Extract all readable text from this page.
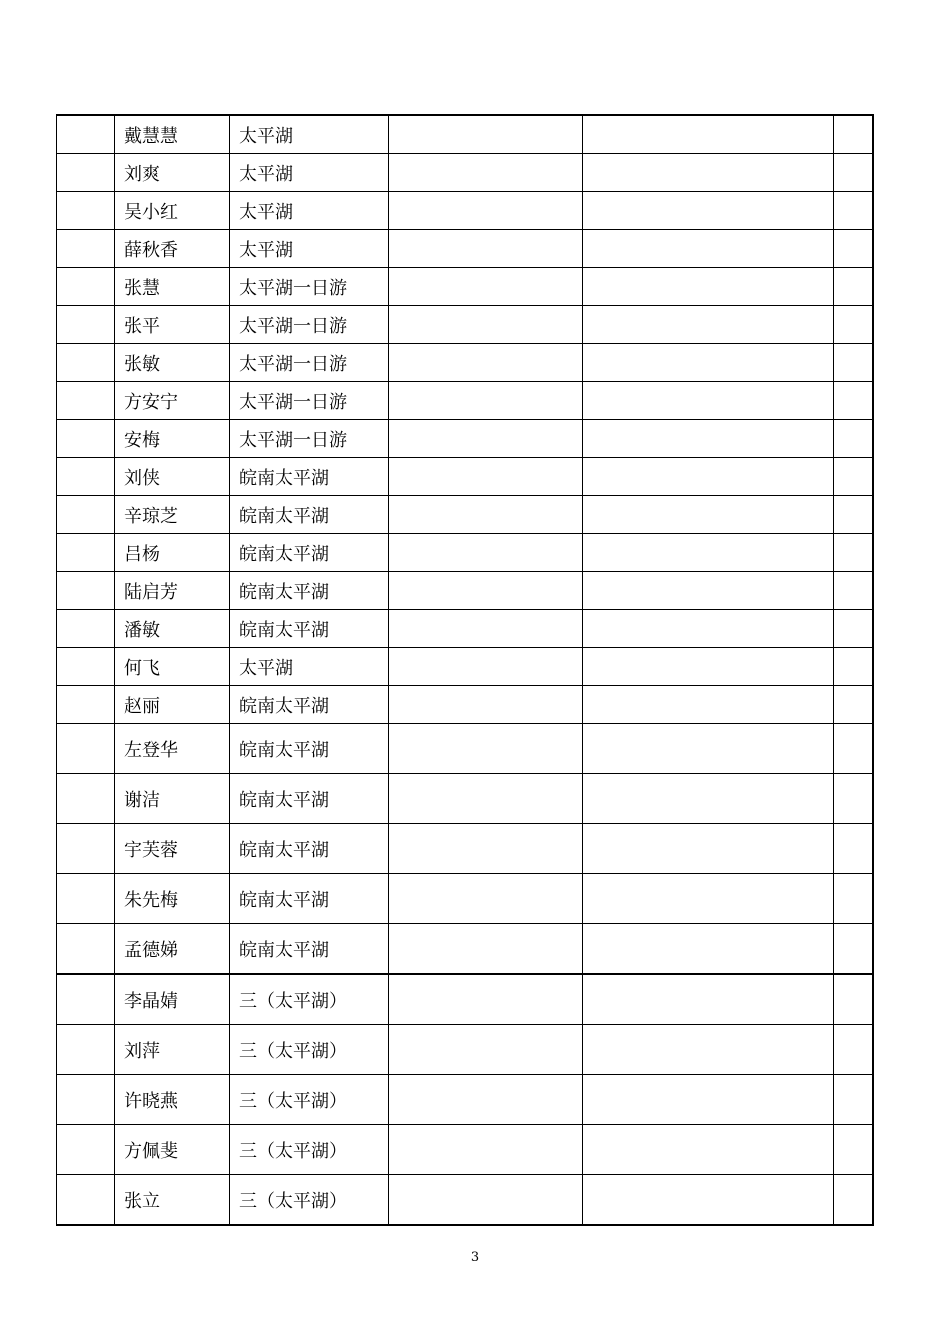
	戴慧慧	太平湖			
	刘爽	太平湖			
	吴小红	太平湖			
	薛秋香	太平湖			
	张慧	太平湖一日游			
	张平	太平湖一日游			
	张敏	太平湖一日游			
	方安宁	太平湖一日游			
	安梅	太平湖一日游			
	刘侠	皖南太平湖			
	辛琼芝	皖南太平湖			
	吕杨	皖南太平湖			
	陆启芳	皖南太平湖			
	潘敏	皖南太平湖			
	何飞	太平湖			
	赵丽	皖南太平湖			
	左登华	皖南太平湖			
	谢洁	皖南太平湖			
	宇芙蓉	皖南太平湖			
	朱先梅	皖南太平湖			
	孟德娣	皖南太平湖			
	李晶婧	三（太平湖）			
	刘萍	三（太平湖）			
	许晓燕	三（太平湖）			
	方佩斐	三（太平湖）			
	张立	三（太平湖）			
3
